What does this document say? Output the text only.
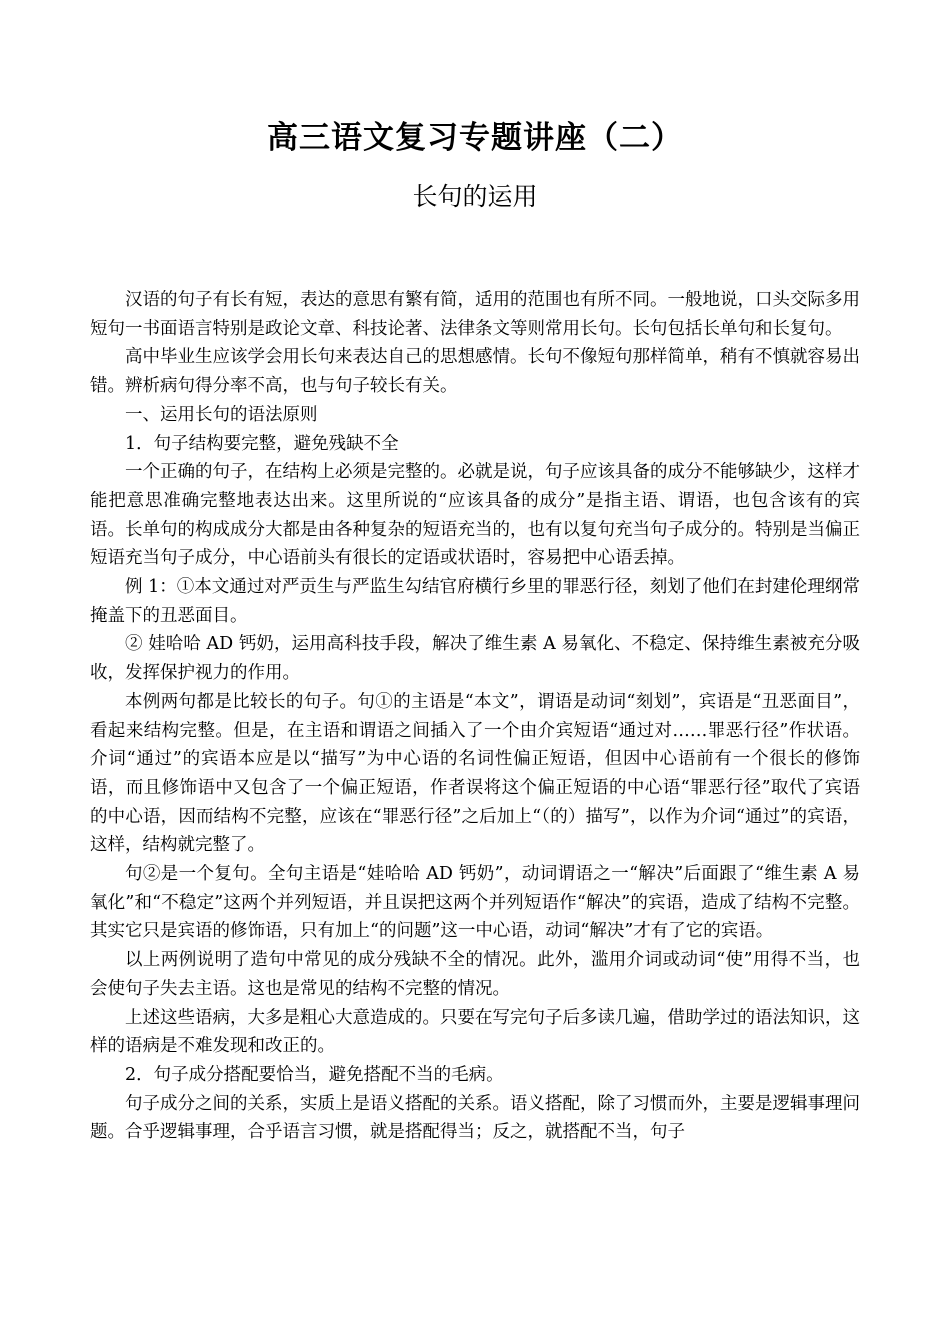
高三语文复习专题讲座（二）
长句的运用

汉语的句子有长有短，表达的意思有繁有简，适用的范围也有所不同。一般地说，口头交际多用短句一书面语言特别是政论文章、科技论著、法律条文等则常用长句。长句包括长单句和长复句。

高中毕业生应该学会用长句来表达自己的思想感情。长句不像短句那样简单，稍有不慎就容易出错。辨析病句得分率不高，也与句子较长有关。

一、运用长句的语法原则

1．句子结构要完整，避免残缺不全

一个正确的句子，在结构上必须是完整的。必就是说，句子应该具备的成分不能够缺少，这样才能把意思准确完整地表达出来。这里所说的“应该具备的成分”是指主语、谓语，也包含该有的宾语。长单句的构成成分大都是由各种复杂的短语充当的，也有以复句充当句子成分的。特别是当偏正短语充当句子成分，中心语前头有很长的定语或状语时，容易把中心语丢掉。

例 1：①本文通过对严贡生与严监生勾结官府横行乡里的罪恶行径，刻划了他们在封建伦理纲常掩盖下的丑恶面目。

② 娃哈哈 AD 钙奶，运用高科技手段，解决了维生素 A 易氧化、不稳定、保持维生素被充分吸收，发挥保护视力的作用。

本例两句都是比较长的句子。句①的主语是“本文”，谓语是动词“刻划”，宾语是“丑恶面目”，看起来结构完整。但是，在主语和谓语之间插入了一个由介宾短语“通过对……罪恶行径”作状语。介词“通过”的宾语本应是以“描写”为中心语的名词性偏正短语，但因中心语前有一个很长的修饰语，而且修饰语中又包含了一个偏正短语，作者误将这个偏正短语的中心语“罪恶行径”取代了宾语的中心语，因而结构不完整，应该在“罪恶行径”之后加上“（的）描写”，以作为介词“通过”的宾语，这样，结构就完整了。

句②是一个复句。全句主语是“娃哈哈 AD 钙奶”，动词谓语之一“解决”后面跟了“维生素 A 易氧化”和“不稳定”这两个并列短语，并且误把这两个并列短语作“解决”的宾语，造成了结构不完整。其实它只是宾语的修饰语，只有加上“的问题”这一中心语，动词“解决”才有了它的宾语。

以上两例说明了造句中常见的成分残缺不全的情况。此外，滥用介词或动词“使”用得不当，也会使句子失去主语。这也是常见的结构不完整的情况。

上述这些语病，大多是粗心大意造成的。只要在写完句子后多读几遍，借助学过的语法知识，这样的语病是不难发现和改正的。

2．句子成分搭配要恰当，避免搭配不当的毛病。

句子成分之间的关系，实质上是语义搭配的关系。语义搭配，除了习惯而外，主要是逻辑事理问题。合乎逻辑事理，合乎语言习惯，就是搭配得当；反之，就搭配不当，句子
